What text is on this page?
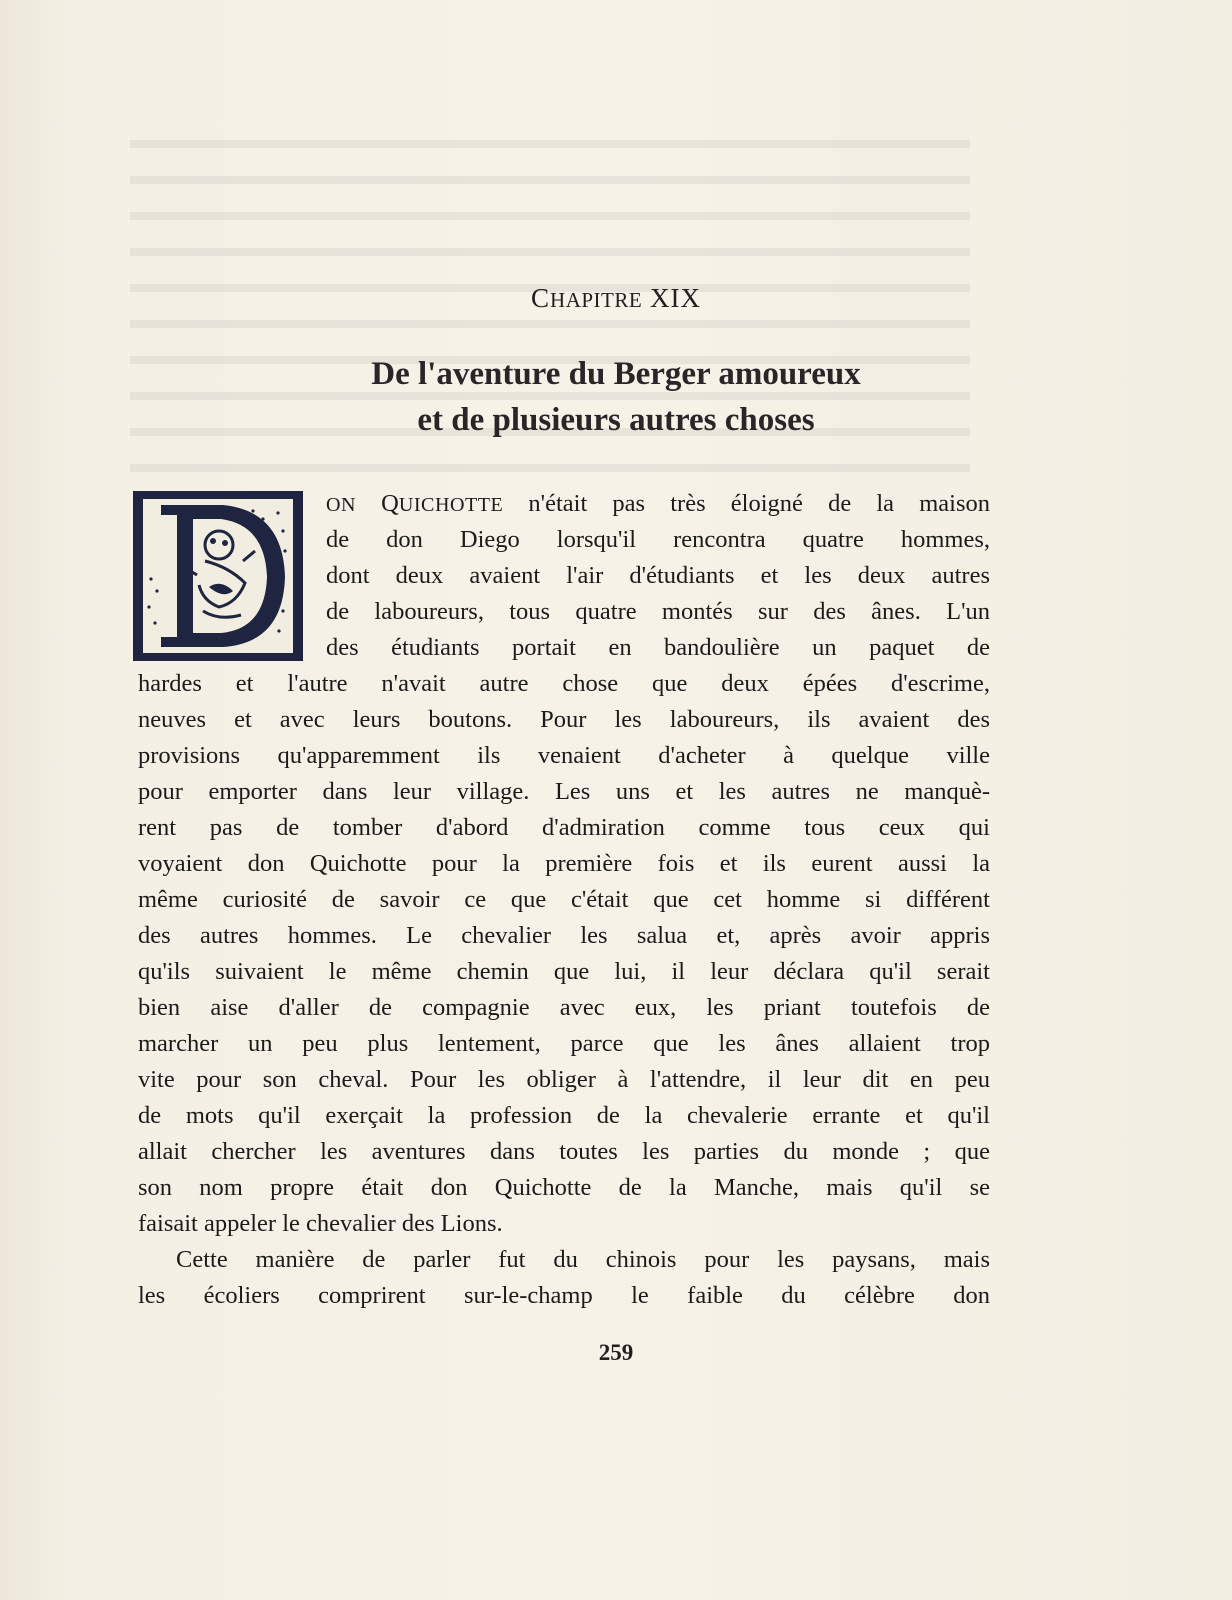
CHAPITRE XIX
De l'aventure du Berger amoureux
et de plusieurs autres choses
ON QUICHOTTE n'était pas très éloigné de la maison
de don Diego lorsqu'il rencontra quatre hommes,
dont deux avaient l'air d'étudiants et les deux autres
de laboureurs, tous quatre montés sur des ânes. L'un
des étudiants portait en bandoulière un paquet de
hardes et l'autre n'avait autre chose que deux épées d'escrime,
neuves et avec leurs boutons. Pour les laboureurs, ils avaient des
provisions qu'apparemment ils venaient d'acheter à quelque ville
pour emporter dans leur village. Les uns et les autres ne manquè-
rent pas de tomber d'abord d'admiration comme tous ceux qui
voyaient don Quichotte pour la première fois et ils eurent aussi la
même curiosité de savoir ce que c'était que cet homme si différent
des autres hommes. Le chevalier les salua et, après avoir appris
qu'ils suivaient le même chemin que lui, il leur déclara qu'il serait
bien aise d'aller de compagnie avec eux, les priant toutefois de
marcher un peu plus lentement, parce que les ânes allaient trop
vite pour son cheval. Pour les obliger à l'attendre, il leur dit en peu
de mots qu'il exerçait la profession de la chevalerie errante et qu'il
allait chercher les aventures dans toutes les parties du monde ; que
son nom propre était don Quichotte de la Manche, mais qu'il se
faisait appeler le chevalier des Lions.
Cette manière de parler fut du chinois pour les paysans, mais
les écoliers comprirent sur-le-champ le faible du célèbre don
259
